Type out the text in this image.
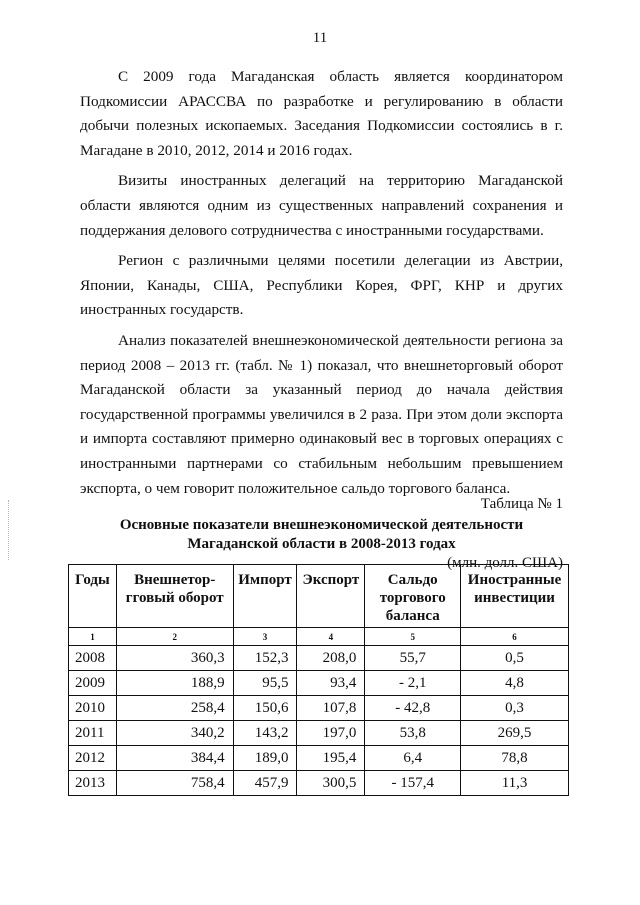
11

С 2009 года Магаданская область является координатором Подкомиссии АРАССВА по разработке и регулированию в области добычи полезных ископаемых. Заседания Подкомиссии состоялись в г. Магадане в 2010, 2012, 2014 и 2016 годах.

Визиты иностранных делегаций на территорию Магаданской области являются одним из существенных направлений сохранения и поддержания делового сотрудничества с иностранными государствами.

Регион с различными целями посетили делегации из Австрии, Японии, Канады, США, Республики Корея, ФРГ, КНР и других иностранных государств.

Анализ показателей внешнеэкономической деятельности региона за период 2008 – 2013 гг. (табл. № 1) показал, что внешнеторговый оборот Магаданской области за указанный период до начала действия государственной программы увеличился в 2 раза. При этом доли экспорта и импорта составляют примерно одинаковый вес в торговых операциях с иностранными партнерами со стабильным небольшим превышением экспорта, о чем говорит положительное сальдо торгового баланса.

Таблица № 1
Основные показатели внешнеэкономической деятельности
Магаданской области в 2008-2013 годах
(млн. долл. США)
Годы	Внешнетор-гговый оборот	Импорт	Экспорт	Сальдо торгового баланса	Иностранные инвестиции
1	2	3	4	5	6
2008	360,3	152,3	208,0	55,7	0,5
2009	188,9	95,5	93,4	- 2,1	4,8
2010	258,4	150,6	107,8	- 42,8	0,3
2011	340,2	143,2	197,0	53,8	269,5
2012	384,4	189,0	195,4	6,4	78,8
2013	758,4	457,9	300,5	- 157,4	11,3
